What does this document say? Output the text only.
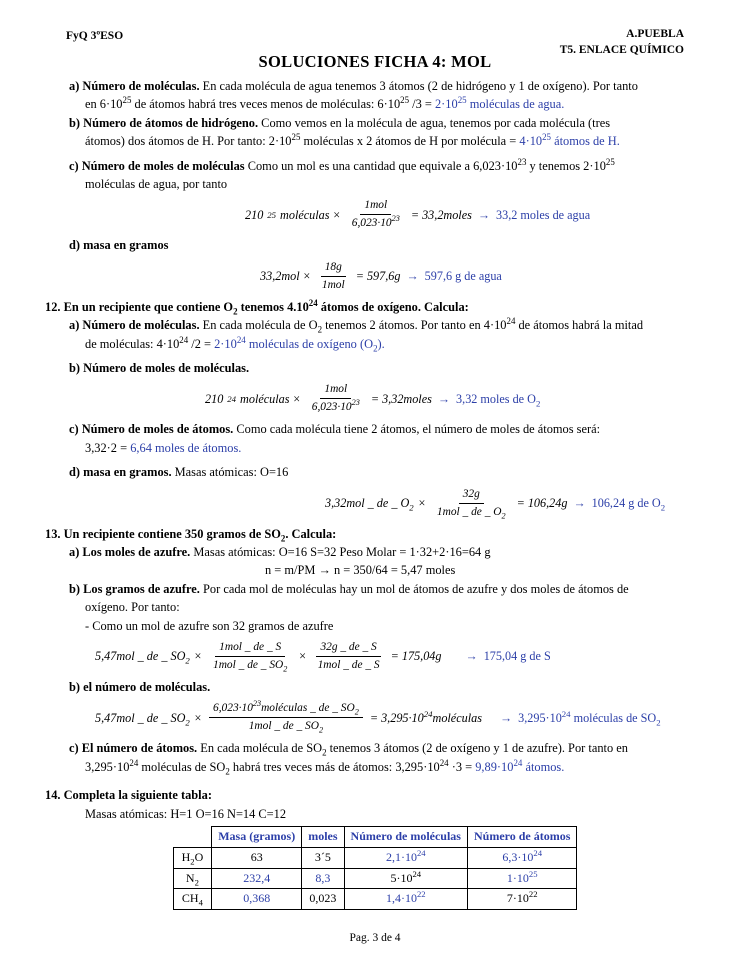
FyQ 3ºESO	A.PUEBLA
T5. ENLACE QUÍMICO
SOLUCIONES FICHA 4: MOL
a) Número de moléculas. En cada molécula de agua tenemos 3 átomos (2 de hidrógeno y 1 de oxígeno). Por tanto
en $6\cdot 10^{25}$ de átomos habrá tres veces menos de moléculas: $6\cdot 10^{25}$ $/3 = 2\cdot 10^{25}$ moléculas de agua.
b) Número de átomos de hidrógeno. Como vemos en la molécula de agua, tenemos por cada molécula (tres
átomos) dos átomos de H. Por tanto: $2\cdot 10^{25}$ moléculas x 2 átomos de H por molécula = $4\cdot 10^{25}$ átomos de H.
c) Número de moles de moléculas Como un mol es una cantidad que equivale a $6,023\cdot 10^{23}$ y tenemos $2\cdot 10^{25}$
moléculas de agua, por tanto
210 25 moléculas × $\frac{\text{1mol}}{6,023\cdot 10^{23}}$ = 33,2moles → 33,2 moles de agua
d) masa en gramos
$33,2mol \times \frac{18g}{\text{1mol}} = 597,6g \to 597,6$ g de agua
12. En un recipiente que contiene $O_2$ tenemos 4.10$^{24}$ átomos de oxígeno. Calcula:
a) Número de moléculas. En cada molécula de $O_2$ tenemos 2 átomos. Por tanto en $4\cdot 10^{24}$ de átomos habrá la mitad
de moléculas: $4\cdot 10^{24}$ $/2 = 2\cdot 10^{24}$ moléculas de oxígeno $(O_2)$.
b) Número de moles de moléculas.
210 24 moléculas × $\frac{\text{1mol}}{6,023\cdot 10^{23}}$ = 3,32moles → 3,32 moles de $O_2$
c) Número de moles de átomos. Como cada molécula tiene 2 átomos, el número de moles de átomos será:
3,32·2 = 6,64 moles de átomos.
d) masa en gramos. Masas atómicas: O=16
3,32mol _ de _ $O_2 \times \frac{32g}{1mol \_ de \_ O_2} = 106,24g \to 106,24$ g de $O_2$
13. Un recipiente contiene 350 gramos de $SO_2$. Calcula:
a) Los moles de azufre. Masas atómicas: O=16 S=32 Peso Molar = 1·32+2·16=64 g
n = m/PM → n = 350/64 = 5,47 moles
b) Los gramos de azufre. Por cada mol de moléculas hay un mol de átomos de azufre y dos moles de átomos de
oxígeno. Por tanto:
- Como un mol de azufre son 32 gramos de azufre
5,47mol _ de _ $SO_2 \times \frac{\text{1mol \_ de \_ S}}{1mol \_ de \_ SO_2} \times \frac{32g \_ de \_ S}{\text{1mol \_ de \_ S}} = 175,04g$	→ 175,04 g de S
b) el número de moléculas.
5,47mol _ de _ $SO_2 \times \frac{6,023\cdot 10^{23}moléculas \_ de \_ SO_2}{1mol \_ de \_ SO_2}$ = $3,295\cdot 10^{24}moléculas$	→ $3,295\cdot 10^{24}$ moléculas de $SO_2$
c) El número de átomos. En cada molécula de $SO_2$ tenemos 3 átomos (2 de oxígeno y 1 de azufre). Por tanto en
$3,295\cdot 10^{24}$ moléculas de $SO_2$ habrá tres veces más de átomos: $3,295\cdot 10^{24} \cdot 3 = 9,89\cdot 10^{24}$ átomos.
14. Completa la siguiente tabla:
Masas atómicas: H=1 O=16 N=14 C=12
	Masa (gramos)	moles	Número de moléculas	Número de átomos
$H_2O$	63	3´5	$2,1\cdot 10^{24}$	$6,3\cdot 10^{24}$
$N_2$	232,4	8,3	$5\cdot 10^{24}$	$1\cdot 10^{25}$
$CH_4$	0,368	0,023	$1,4\cdot 10^{22}$	$7\cdot 10^{22}$
Pag. 3 de 4
